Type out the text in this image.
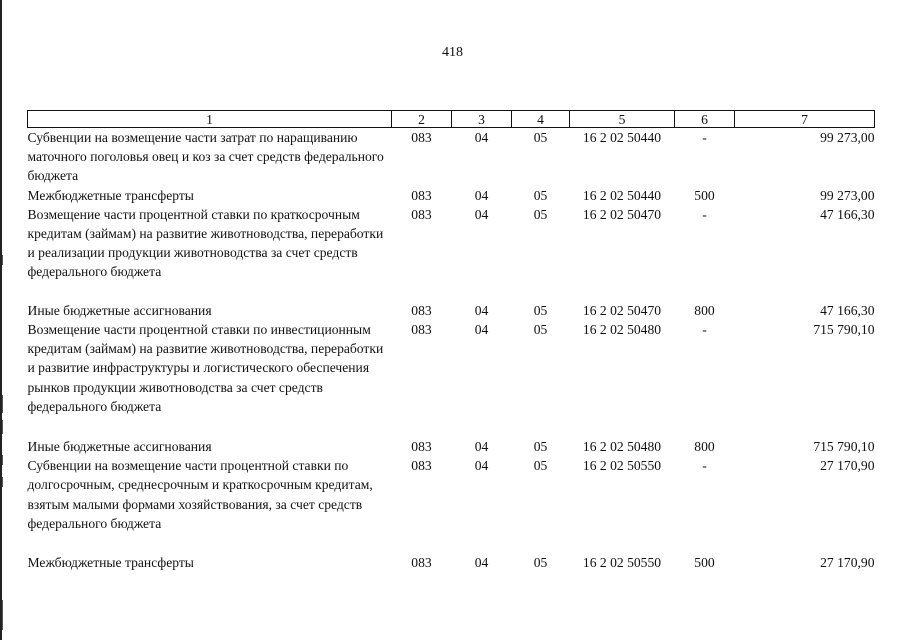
418
1	2	3	4	5	6	7
Субвенции на возмещение части затрат по наращиванию маточного поголовья овец и коз за счет средств федерального бюджета	083	04	05	16 2 02 50440	-	99 273,00
Межбюджетные трансферты	083	04	05	16 2 02 50440	500	99 273,00
Возмещение части процентной ставки по краткосрочным кредитам (займам) на развитие животноводства, переработки и реализации продукции животноводства за счет средств федерального бюджета	083	04	05	16 2 02 50470	-	47 166,30
Иные бюджетные ассигнования	083	04	05	16 2 02 50470	800	47 166,30
Возмещение части процентной ставки по инвестиционным кредитам (займам) на развитие животноводства, переработки и развитие инфраструктуры и логистического обеспечения рынков продукции животноводства за счет средств федерального бюджета	083	04	05	16 2 02 50480	-	715 790,10
Иные бюджетные ассигнования	083	04	05	16 2 02 50480	800	715 790,10
Субвенции на возмещение части процентной ставки по долгосрочным, среднесрочным и краткосрочным кредитам, взятым малыми формами хозяйствования, за счет средств федерального бюджета	083	04	05	16 2 02 50550	-	27 170,90
Межбюджетные трансферты	083	04	05	16 2 02 50550	500	27 170,90
